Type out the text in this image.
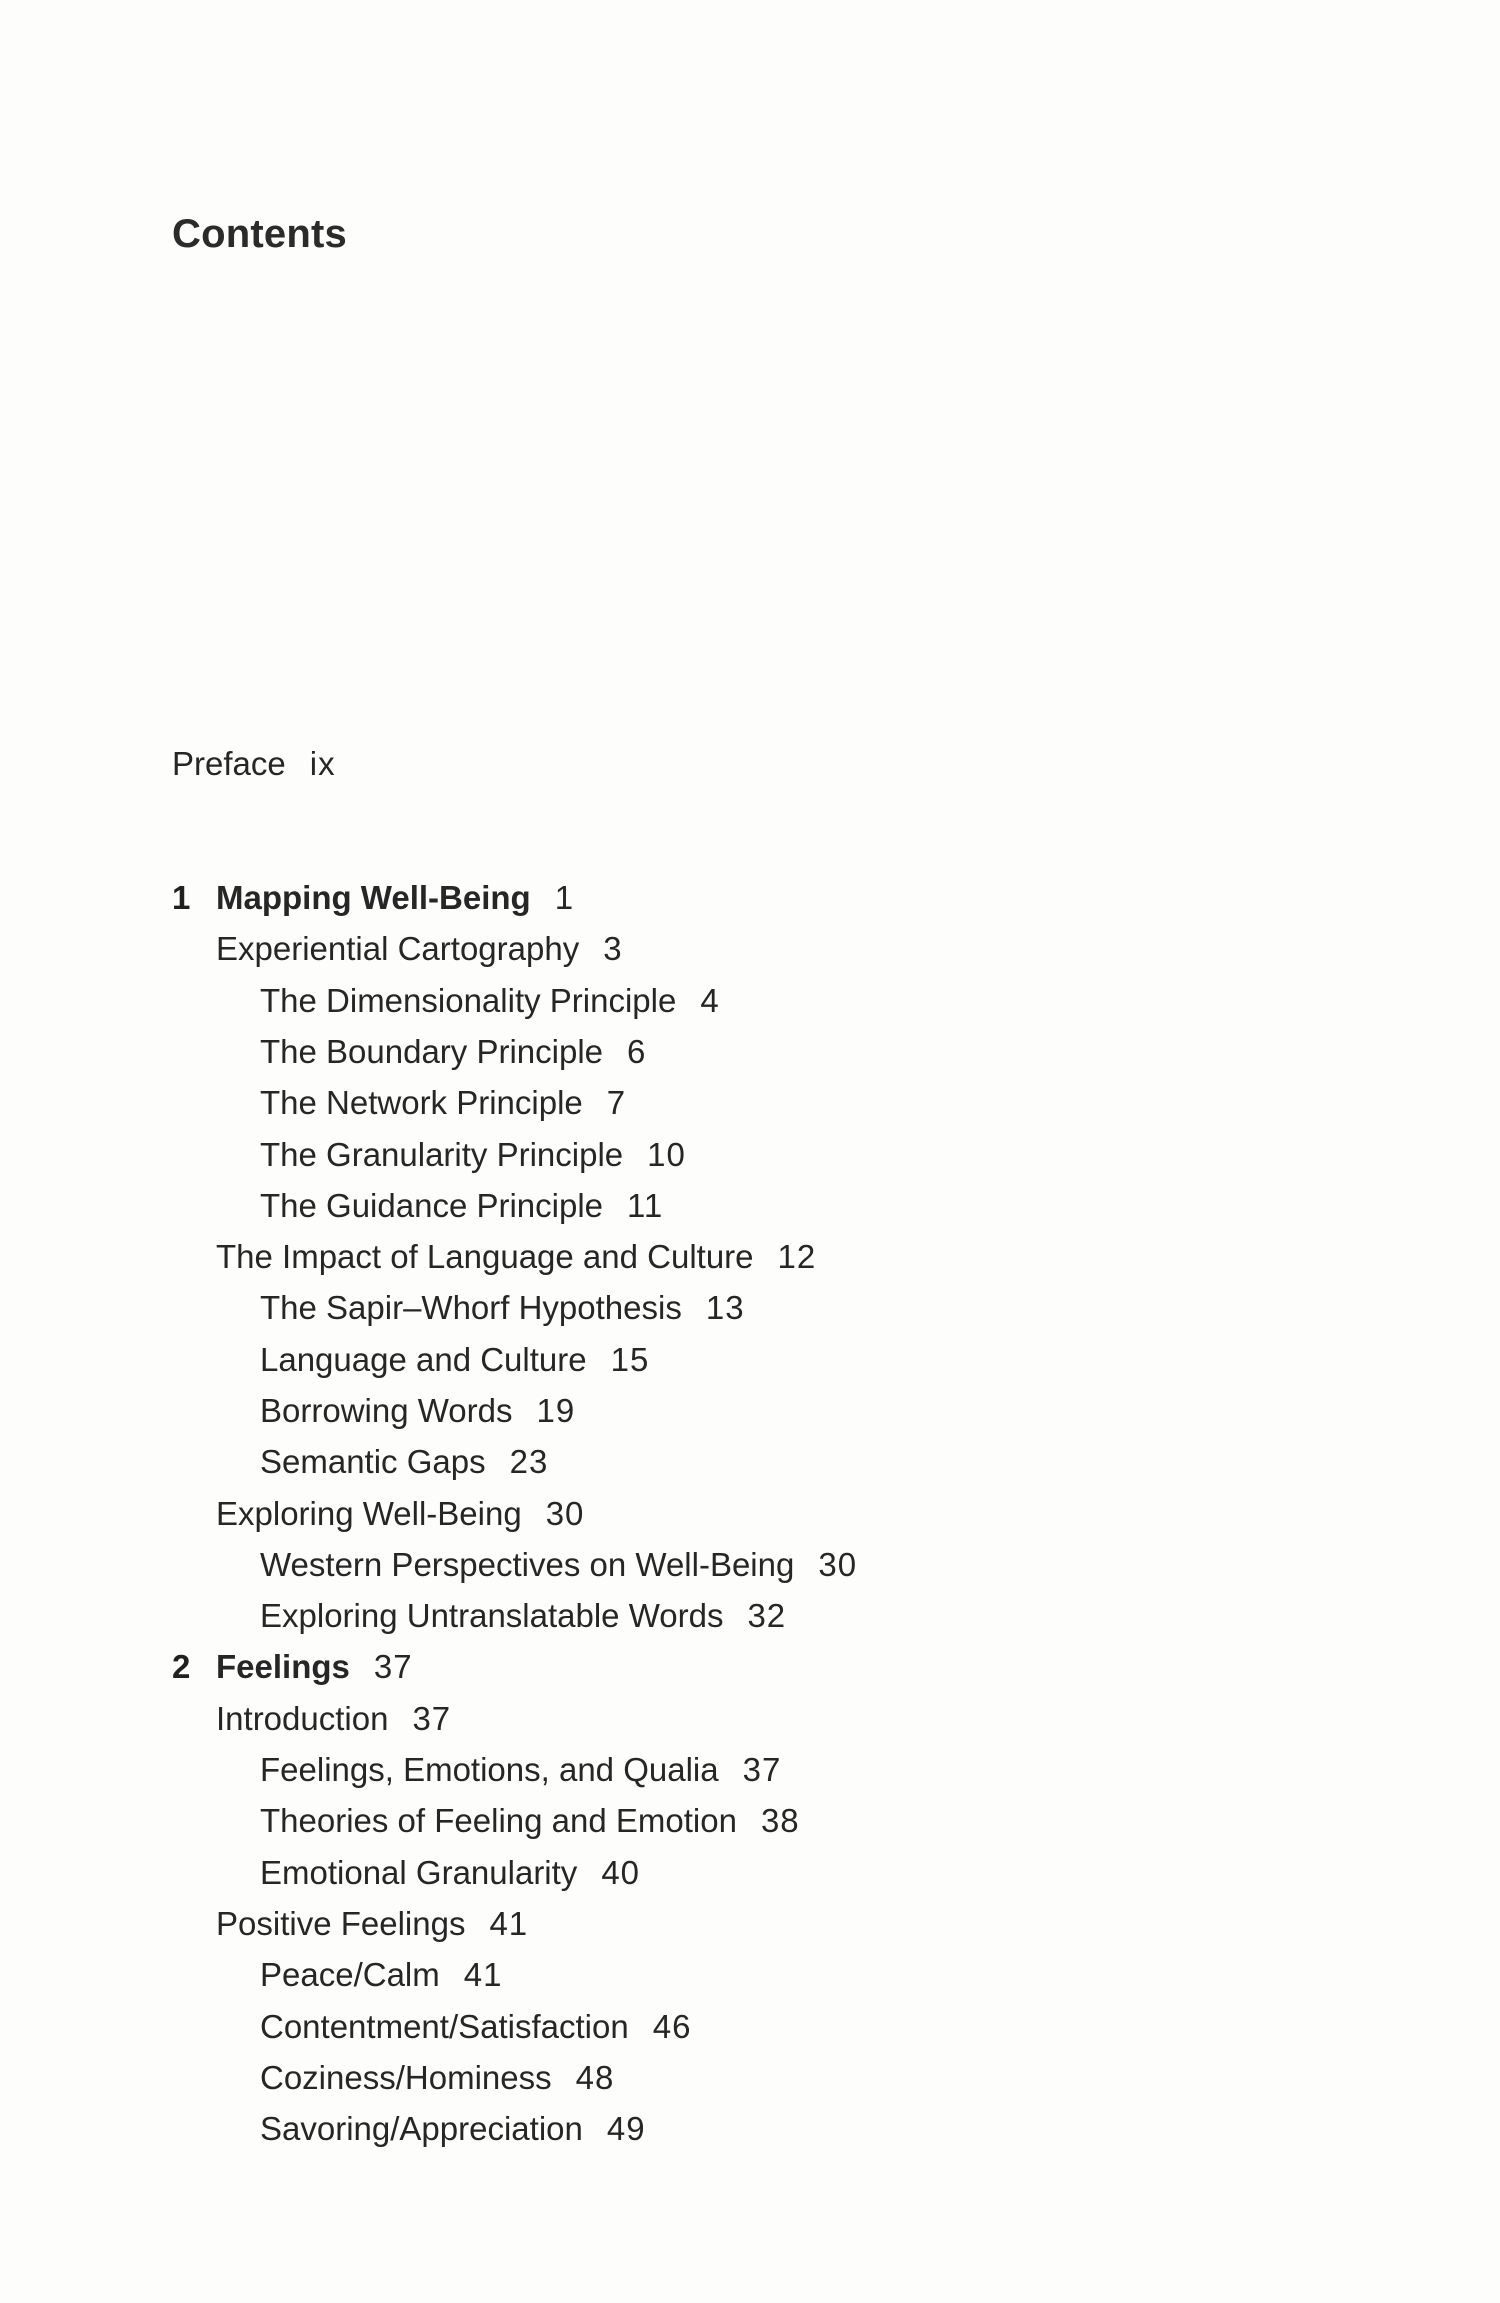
Contents
Preface ix
1 Mapping Well-Being 1
Experiential Cartography 3
The Dimensionality Principle 4
The Boundary Principle 6
The Network Principle 7
The Granularity Principle 10
The Guidance Principle 11
The Impact of Language and Culture 12
The Sapir–Whorf Hypothesis 13
Language and Culture 15
Borrowing Words 19
Semantic Gaps 23
Exploring Well-Being 30
Western Perspectives on Well-Being 30
Exploring Untranslatable Words 32
2 Feelings 37
Introduction 37
Feelings, Emotions, and Qualia 37
Theories of Feeling and Emotion 38
Emotional Granularity 40
Positive Feelings 41
Peace/Calm 41
Contentment/Satisfaction 46
Coziness/Hominess 48
Savoring/Appreciation 49
